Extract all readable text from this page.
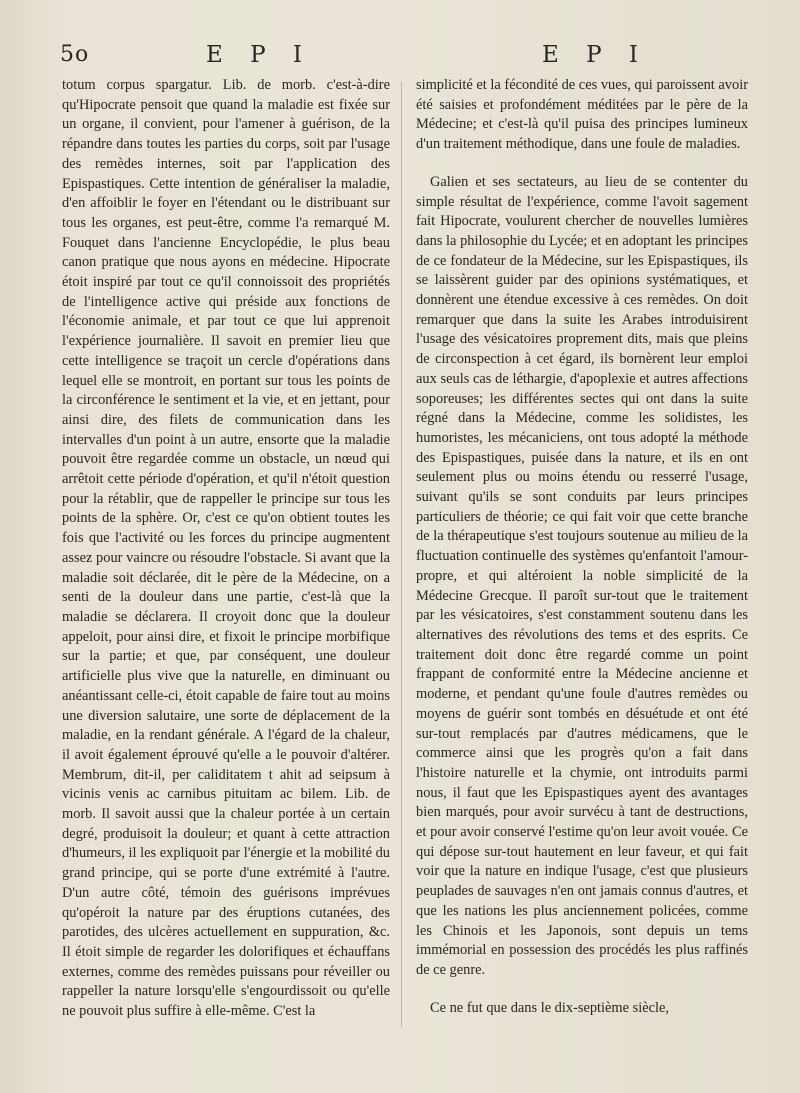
5o	E P I	E P I

totum corpus spargatur. Lib. de morb. c'est-à-dire qu'Hipocrate pensoit que quand la maladie est fixée sur un organe, il convient, pour l'amener à guérison, de la répandre dans toutes les parties du corps, soit par l'usage des remèdes internes, soit par l'application des Epispastiques. Cette intention de généraliser la maladie, d'en affoiblir le foyer en l'étendant ou le distribuant sur tous les organes, est peut-être, comme l'a remarqué M. Fouquet dans l'ancienne Encyclopédie, le plus beau canon pratique que nous ayons en médecine. Hipocrate étoit inspiré par tout ce qu'il connoissoit des propriétés de l'intelligence active qui préside aux fonctions de l'économie animale, et par tout ce que lui apprenoit l'expérience journalière. Il savoit en premier lieu que cette intelligence se traçoit un cercle d'opérations dans lequel elle se montroit, en portant sur tous les points de la circonférence le sentiment et la vie, et en jettant, pour ainsi dire, des filets de communication dans les intervalles d'un point à un autre, ensorte que la maladie pouvoit être regardée comme un obstacle, un nœud qui arrêtoit cette période d'opération, et qu'il n'étoit question pour la rétablir, que de rappeller le principe sur tous les points de la sphère. Or, c'est ce qu'on obtient toutes les fois que l'activité ou les forces du principe augmentent assez pour vaincre ou résoudre l'obstacle. Si avant que la maladie soit déclarée, dit le père de la Médecine, on a senti de la douleur dans une partie, c'est-là que la maladie se déclarera. Il croyoit donc que la douleur appeloit, pour ainsi dire, et fixoit le principe morbifique sur la partie; et que, par conséquent, une douleur artificielle plus vive que la naturelle, en diminuant ou anéantissant celle-ci, étoit capable de faire tout au moins une diversion salutaire, une sorte de déplacement de la maladie, en la rendant générale. A l'égard de la chaleur, il avoit également éprouvé qu'elle a le pouvoir d'altérer. Membrum, dit-il, per caliditatem t ahit ad seipsum à vicinis venis ac carnibus pituitam ac bilem. Lib. de morb. Il savoit aussi que la chaleur portée à un certain degré, produisoit la douleur; et quant à cette attraction d'humeurs, il les expliquoit par l'énergie et la mobilité du grand principe, qui se porte d'une extrémité à l'autre. D'un autre côté, témoin des guérisons imprévues qu'opéroit la nature par des éruptions cutanées, des parotides, des ulcères actuellement en suppuration, &c. Il étoit simple de regarder les dolorifiques et échauffans externes, comme des remèdes puissans pour réveiller ou rappeller la nature lorsqu'elle s'engourdissoit ou qu'elle ne pouvoit plus suffire à elle-même. C'est la

simplicité et la fécondité de ces vues, qui paroissent avoir été saisies et profondément méditées par le père de la Médecine; et c'est-là qu'il puisa des principes lumineux d'un traitement méthodique, dans une foule de maladies.

Galien et ses sectateurs, au lieu de se contenter du simple résultat de l'expérience, comme l'avoit sagement fait Hipocrate, voulurent chercher de nouvelles lumières dans la philosophie du Lycée; et en adoptant les principes de ce fondateur de la Médecine, sur les Epispastiques, ils se laissèrent guider par des opinions systématiques, et donnèrent une étendue excessive à ces remèdes. On doit remarquer que dans la suite les Arabes introduisirent l'usage des vésicatoires proprement dits, mais que pleins de circonspection à cet égard, ils bornèrent leur emploi aux seuls cas de léthargie, d'apoplexie et autres affections soporeuses; les différentes sectes qui ont dans la suite régné dans la Médecine, comme les solidistes, les humoristes, les mécaniciens, ont tous adopté la méthode des Epispastiques, puisée dans la nature, et ils en ont seulement plus ou moins étendu ou resserré l'usage, suivant qu'ils se sont conduits par leurs principes particuliers de théorie; ce qui fait voir que cette branche de la thérapeutique s'est toujours soutenue au milieu de la fluctuation continuelle des systèmes qu'enfantoit l'amour-propre, et qui altéroient la noble simplicité de la Médecine Grecque. Il paroît sur-tout que le traitement par les vésicatoires, s'est constamment soutenu dans les alternatives des révolutions des tems et des esprits. Ce traitement doit donc être regardé comme un point frappant de conformité entre la Médecine ancienne et moderne, et pendant qu'une foule d'autres remèdes ou moyens de guérir sont tombés en désuétude et ont été sur-tout remplacés par d'autres médicamens, que le commerce ainsi que les progrès qu'on a fait dans l'histoire naturelle et la chymie, ont introduits parmi nous, il faut que les Epispastiques ayent des avantages bien marqués, pour avoir survécu à tant de destructions, et pour avoir conservé l'estime qu'on leur avoit vouée. Ce qui dépose sur-tout hautement en leur faveur, et qui fait voir que la nature en indique l'usage, c'est que plusieurs peuplades de sauvages n'en ont jamais connus d'autres, et que les nations les plus anciennement policées, comme les Chinois et les Japonois, sont depuis un tems immémorial en possession des procédés les plus raffinés de ce genre.

Ce ne fut que dans le dix-septième siècle,
